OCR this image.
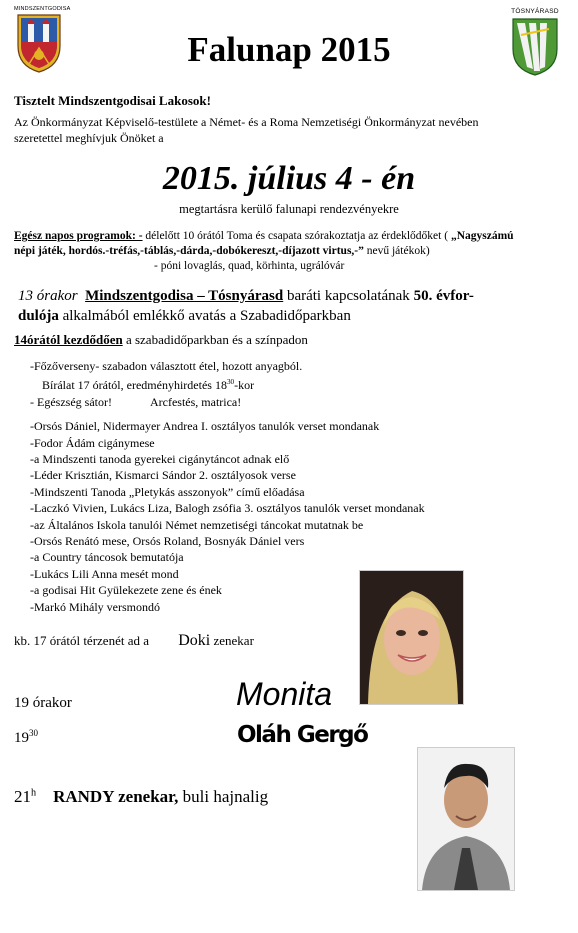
MINDSZENTGODISA
Falunap 2015
TÓSNYÁRASD
Tisztelt Mindszentgodisai Lakosok!
Az Önkormányzat Képviselő-testülete a Német- és a Roma Nemzetiségi Önkormányzat nevében
szeretettel meghívjuk Önöket a
2015. július 4 - én
megtartásra kerülő falunapi rendezvényekre
Egész napos programok: - délelőtt 10 órától Toma és csapata szórakoztatja az érdeklődőket ( „Nagyszámú
népi játék, hordós.-tréfás,-táblás,-dárda,-dobókereszt,-díjazott virtus,-” nevű játékok)
- póni lovaglás, quad, körhinta, ugrálóvár
13 órakor Mindszentgodisa – Tósnyárasd baráti kapcsolatának 50. évfor-
dulója alkalmából emlékkő avatás a Szabadidőparkban
14órától kezdődően a szabadidőparkban és a színpadon
-Főzőverseny- szabadon választott étel, hozott anyagból.
Bírálat 17 órától, eredményhirdetés $18^{30}$-kor
- Egészség sátor!	Arcfestés, matrica!
-Orsós Dániel, Nidermayer Andrea I. osztályos tanulók verset mondanak
-Fodor Ádám cigánymese
-a Mindszenti tanoda gyerekei cigánytáncot adnak elő
-Léder Krisztián, Kismarci Sándor 2. osztályosok verse
-Mindszenti Tanoda „Pletykás asszonyok” című előadása
-Laczkó Vivien, Lukács Liza, Balogh zsófia 3. osztályos tanulók verset mondanak
-az Általános Iskola tanulói Német nemzetiségi táncokat mutatnak be
-Orsós Renátó mese, Orsós Roland, Bosnyák Dániel vers
-a Country táncosok bemutatója
-Lukács Lili Anna mesét mond
-a godisai Hit Gyülekezete zene és ének
-Markó Mihály versmondó
kb. 17 órától térzenét ad a Doki zenekar
19 órakor	Monita
$19^{30}$	Oláh Gergő
21$^h$ RANDY zenekar, buli hajnalig
